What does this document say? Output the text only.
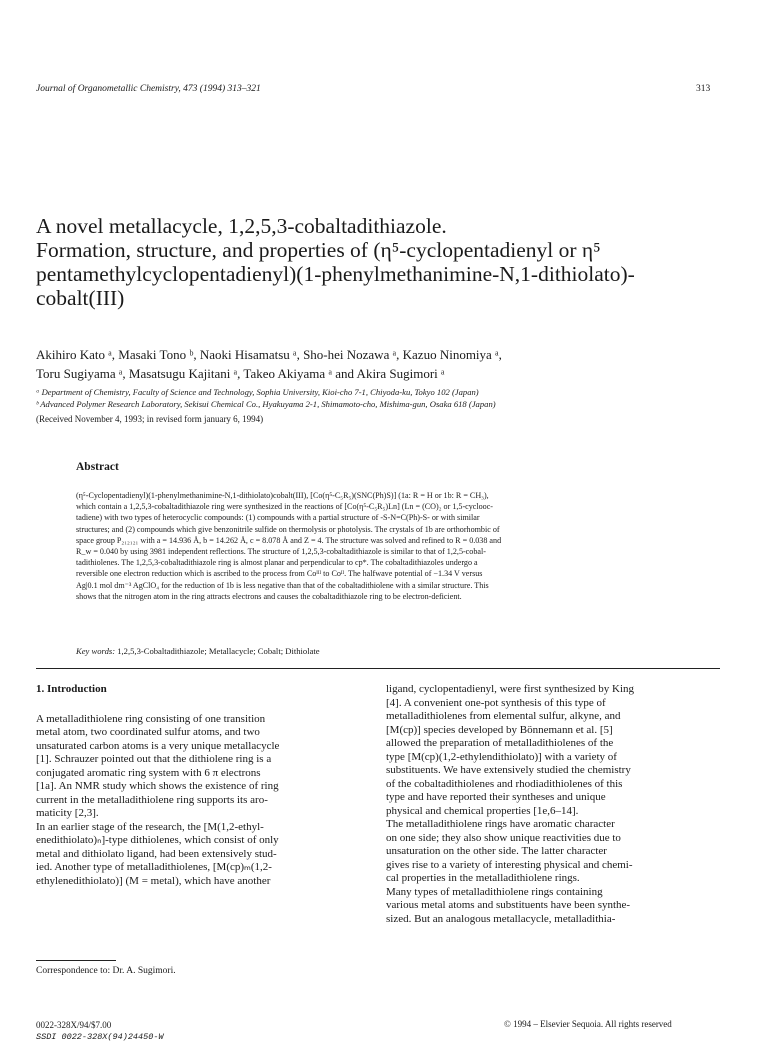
Journal of Organometallic Chemistry, 473 (1994) 313–321	313
A novel metallacycle, 1,2,5,3-cobaltadithiazole.
Formation, structure, and properties of (η⁵-cyclopentadienyl or η⁵
pentamethylcyclopentadienyl)(1-phenylmethanimine-N,1-dithiolato)-
cobalt(III)
Akihiro Kato ᵃ, Masaki Tono ᵇ, Naoki Hisamatsu ᵃ, Sho-hei Nozawa ᵃ, Kazuo Ninomiya ᵃ,
Toru Sugiyama ᵃ, Masatsugu Kajitani ᵃ, Takeo Akiyama ᵃ and Akira Sugimori ᵃ
ᵃ Department of Chemistry, Faculty of Science and Technology, Sophia University, Kioi-cho 7-1, Chiyoda-ku, Tokyo 102 (Japan)
ᵇ Advanced Polymer Research Laboratory, Sekisui Chemical Co., Hyakuyama 2-1, Shimamoto-cho, Mishima-gun, Osaka 618 (Japan)
(Received November 4, 1993; in revised form january 6, 1994)
Abstract
(η⁵-Cyclopentadienyl)(1-phenylmethanimine-N,1-dithiolato)cobalt(III), [Co(η⁵-C₅R₅)(SNC(Ph)S)] (1a: R = H or 1b: R = CH₃),
which contain a 1,2,5,3-cobaltadithiazole ring were synthesized in the reactions of [Co(η⁵-C₅R₅)Ln] (Ln = (CO)₂ or 1,5-cyclooc-
tadiene) with two types of heterocyclic compounds: (1) compounds with a partial structure of -S-N=C(Ph)-S- or with similar
structures; and (2) compounds which give benzonitrile sulfide on thermolysis or photolysis. The crystals of 1b are orthorhombic of
space group P₂₁₂₁₂₁ with a = 14.936 Å, b = 14.262 Å, c = 8.078 Å and Z = 4. The structure was solved and refined to R = 0.038 and
R_w = 0.040 by using 3981 independent reflections. The structure of 1,2,5,3-cobaltadithiazole is similar to that of 1,2,5-cobal-
tadithiolenes. The 1,2,5,3-cobaltadithiazole ring is almost planar and perpendicular to cp*. The cobaltadithiazoles undergo a
reversible one electron reduction which is ascribed to the process from Coᴵᴵᴵ to Coᴵᴵ. The halfwave potential of −1.34 V versus
Ag|0.1 mol dm⁻³ AgClO₄ for the reduction of 1b is less negative than that of the cobaltadithiolene with a similar structure. This
shows that the nitrogen atom in the ring attracts electrons and causes the cobaltadithiazole ring to be electron-deficient.
Key words: 1,2,5,3-Cobaltadithiazole; Metallacycle; Cobalt; Dithiolate
1. Introduction
A metalladithiolene ring consisting of one transition
metal atom, two coordinated sulfur atoms, and two
unsaturated carbon atoms is a very unique metallacycle
[1]. Schrauzer pointed out that the dithiolene ring is a
conjugated aromatic ring system with 6 π electrons
[1a]. An NMR study which shows the existence of ring
current in the metalladithiolene ring supports its aro-
maticity [2,3].
In an earlier stage of the research, the [M(1,2-ethyl-
enedithiolato)ₙ]-type dithiolenes, which consist of only
metal and dithiolato ligand, had been extensively stud-
ied. Another type of metalladithiolenes, [M(cp)ₘ(1,2-
ethylenedithiolato)] (M = metal), which have another
ligand, cyclopentadienyl, were first synthesized by King
[4]. A convenient one-pot synthesis of this type of
metalladithiolenes from elemental sulfur, alkyne, and
[M(cp)] species developed by Bönnemann et al. [5]
allowed the preparation of metalladithiolenes of the
type [M(cp)(1,2-ethylendithiolato)] with a variety of
substituents. We have extensively studied the chemistry
of the cobaltadithiolenes and rhodiadithiolenes of this
type and have reported their syntheses and unique
physical and chemical properties [1e,6–14].
The metalladithiolene rings have aromatic character
on one side; they also show unique reactivities due to
unsaturation on the other side. The latter character
gives rise to a variety of interesting physical and chemi-
cal properties in the metalladithiolene rings.
Many types of metalladithiolene rings containing
various metal atoms and substituents have been synthe-
sized. But an analogous metallacycle, metalladithia-
Correspondence to: Dr. A. Sugimori.
0022-328X/94/$7.00
SSDI 0022-328X(94)24450-W
© 1994 – Elsevier Sequoia. All rights reserved
